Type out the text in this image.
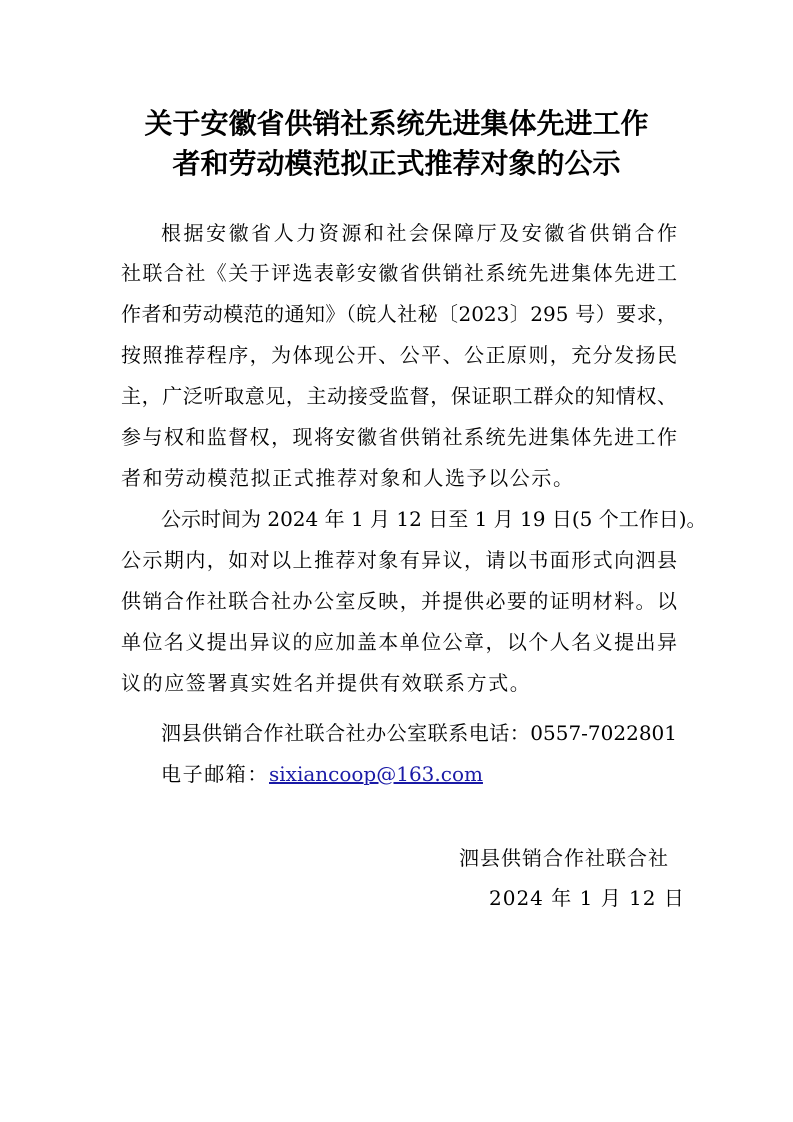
关于安徽省供销社系统先进集体先进工作
者和劳动模范拟正式推荐对象的公示
根据安徽省人力资源和社会保障厅及安徽省供销合作
社联合社《关于评选表彰安徽省供销社系统先进集体先进工
作者和劳动模范的通知》（皖人社秘〔2023〕295 号）要求，
按照推荐程序，为体现公开、公平、公正原则，充分发扬民
主，广泛听取意见，主动接受监督，保证职工群众的知情权、
参与权和监督权，现将安徽省供销社系统先进集体先进工作
者和劳动模范拟正式推荐对象和人选予以公示。
公示时间为 2024 年 1 月 12 日至 1 月 19 日(5 个工作日)。
公示期内，如对以上推荐对象有异议，请以书面形式向泗县
供销合作社联合社办公室反映，并提供必要的证明材料。以
单位名义提出异议的应加盖本单位公章，以个人名义提出异
议的应签署真实姓名并提供有效联系方式。
泗县供销合作社联合社办公室联系电话：0557-7022801
电子邮箱：sixiancoop@163.com
泗县供销合作社联合社
2024 年 1 月 12 日
